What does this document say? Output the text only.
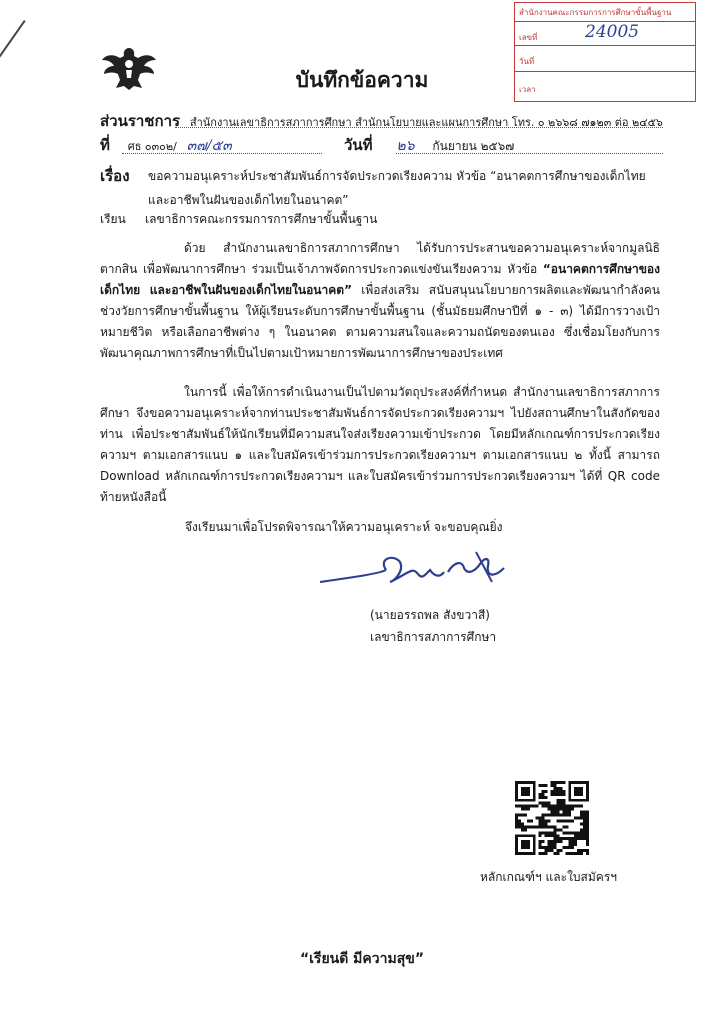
สำนักงานคณะกรรมการการศึกษาขั้นพื้นฐาน
เลขที่	24005
วันที่
เวลา
บันทึกข้อความ
ส่วนราชการ สำนักงานเลขาธิการสภาการศึกษา สำนักนโยบายและแผนการศึกษา โทร. ๐ ๒๖๖๘ ๗๑๒๓ ต่อ ๒๔๕๖
ที่ ศธ ๐๓๐๒/ ๓๗/๕๓	วันที่ ๒๖ กันยายน ๒๕๖๗
เรื่อง ขอความอนุเคราะห์ประชาสัมพันธ์การจัดประกวดเรียงความ หัวข้อ “อนาคตการศึกษาของเด็กไทย และอาชีพในฝันของเด็กไทยในอนาคต”
เรียน เลขาธิการคณะกรรมการการศึกษาขั้นพื้นฐาน
ด้วย สำนักงานเลขาธิการสภาการศึกษา ได้รับการประสานขอความอนุเคราะห์จากมูลนิธิตากสิน เพื่อพัฒนาการศึกษา ร่วมเป็นเจ้าภาพจัดการประกวดแข่งขันเรียงความ หัวข้อ “อนาคตการศึกษาของเด็กไทย และอาชีพในฝันของเด็กไทยในอนาคต” เพื่อส่งเสริม สนับสนุนนโยบายการผลิตและพัฒนากำลังคนช่วงวัยการศึกษาขั้นพื้นฐาน ให้ผู้เรียนระดับการศึกษาขั้นพื้นฐาน (ชั้นมัธยมศึกษาปีที่ ๑ - ๓) ได้มีการวางเป้าหมายชีวิต หรือเลือกอาชีพต่าง ๆ ในอนาคต ตามความสนใจและความถนัดของตนเอง ซึ่งเชื่อมโยงกับการพัฒนาคุณภาพการศึกษาที่เป็นไปตามเป้าหมายการพัฒนาการศึกษาของประเทศ
ในการนี้ เพื่อให้การดำเนินงานเป็นไปตามวัตถุประสงค์ที่กำหนด สำนักงานเลขาธิการสภาการศึกษา จึงขอความอนุเคราะห์จากท่านประชาสัมพันธ์การจัดประกวดเรียงความฯ ไปยังสถานศึกษาในสังกัดของท่าน เพื่อประชาสัมพันธ์ให้นักเรียนที่มีความสนใจส่งเรียงความเข้าประกวด โดยมีหลักเกณฑ์การประกวดเรียงความฯ ตามเอกสารแนบ ๑ และใบสมัครเข้าร่วมการประกวดเรียงความฯ ตามเอกสารแนบ ๒ ทั้งนี้ สามารถ Download หลักเกณฑ์การประกวดเรียงความฯ และใบสมัครเข้าร่วมการประกวดเรียงความฯ ได้ที่ QR code ท้ายหนังสือนี้
จึงเรียนมาเพื่อโปรดพิจารณาให้ความอนุเคราะห์ จะขอบคุณยิ่ง
(นายอรรถพล สังขวาสี)
เลขาธิการสภาการศึกษา
หลักเกณฑ์ฯ และใบสมัครฯ
“เรียนดี มีความสุข”
